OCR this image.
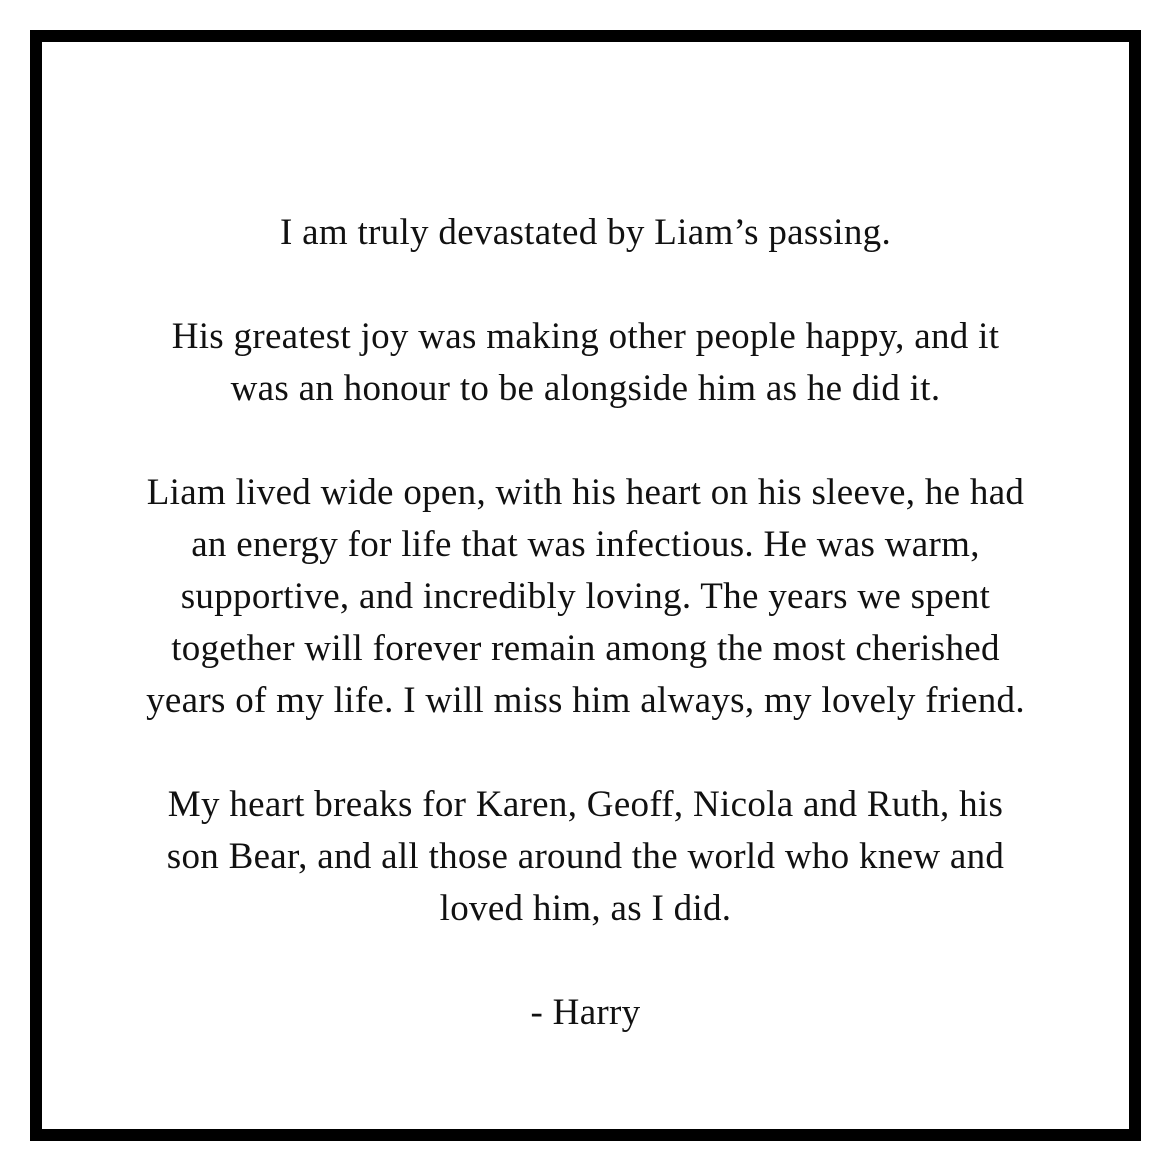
I am truly devastated by Liam’s passing.

His greatest joy was making other people happy, and it
was an honour to be alongside him as he did it.

Liam lived wide open, with his heart on his sleeve, he had
an energy for life that was infectious. He was warm,
supportive, and incredibly loving. The years we spent
together will forever remain among the most cherished
years of my life. I will miss him always, my lovely friend.

My heart breaks for Karen, Geoff, Nicola and Ruth, his
son Bear, and all those around the world who knew and
loved him, as I did.

- Harry
